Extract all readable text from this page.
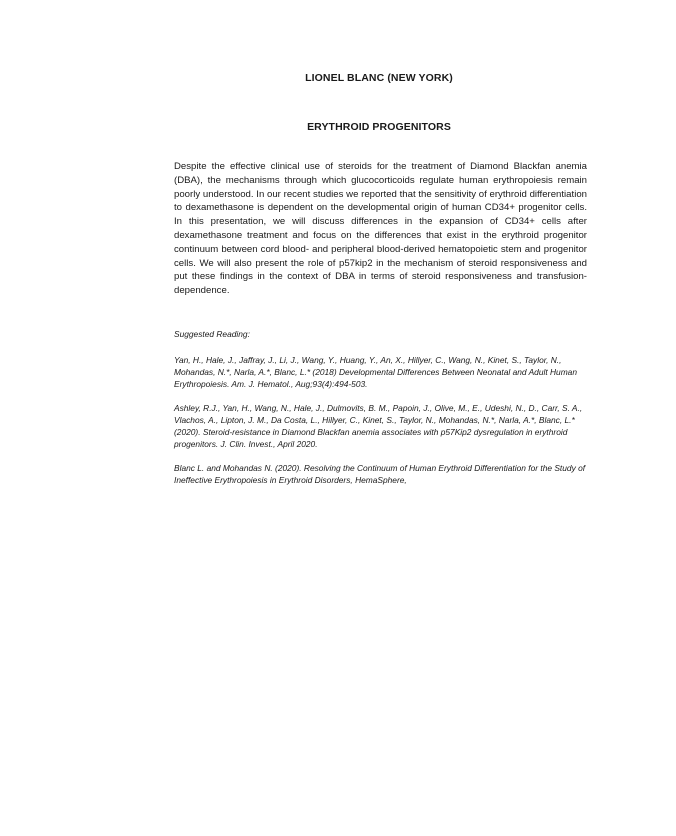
LIONEL BLANC (NEW YORK)
ERYTHROID PROGENITORS

Despite the effective clinical use of steroids for the treatment of Diamond Blackfan anemia (DBA), the mechanisms through which glucocorticoids regulate human erythropoiesis remain poorly understood. In our recent studies we reported that the sensitivity of erythroid differentiation to dexamethasone is dependent on the developmental origin of human CD34+ progenitor cells. In this presentation, we will discuss differences in the expansion of CD34+ cells after dexamethasone treatment and focus on the differences that exist in the erythroid progenitor continuum between cord blood- and peripheral blood-derived hematopoietic stem and progenitor cells. We will also present the role of p57kip2 in the mechanism of steroid responsiveness and put these findings in the context of DBA in terms of steroid responsiveness and transfusion-dependence.

Suggested Reading:

Yan, H., Hale, J., Jaffray, J., Li, J., Wang, Y., Huang, Y., An, X., Hillyer, C., Wang, N., Kinet, S., Taylor, N., Mohandas, N.*, Narla, A.*, Blanc, L.* (2018) Developmental Differences Between Neonatal and Adult Human Erythropoiesis. Am. J. Hematol., Aug;93(4):494-503.

Ashley, R.J., Yan, H., Wang, N., Hale, J., Dulmovits, B. M., Papoin, J., Olive, M., E., Udeshi, N., D., Carr, S. A., Vlachos, A., Lipton, J. M., Da Costa, L., Hillyer, C., Kinet, S., Taylor, N., Mohandas, N.*, Narla, A.*, Blanc, L.* (2020). Steroid-resistance in Diamond Blackfan anemia associates with p57Kip2 dysregulation in erythroid progenitors. J. Clin. Invest., April 2020.

Blanc L. and Mohandas N. (2020). Resolving the Continuum of Human Erythroid Differentiation for the Study of Ineffective Erythropoiesis in Erythroid Disorders, HemaSphere,
